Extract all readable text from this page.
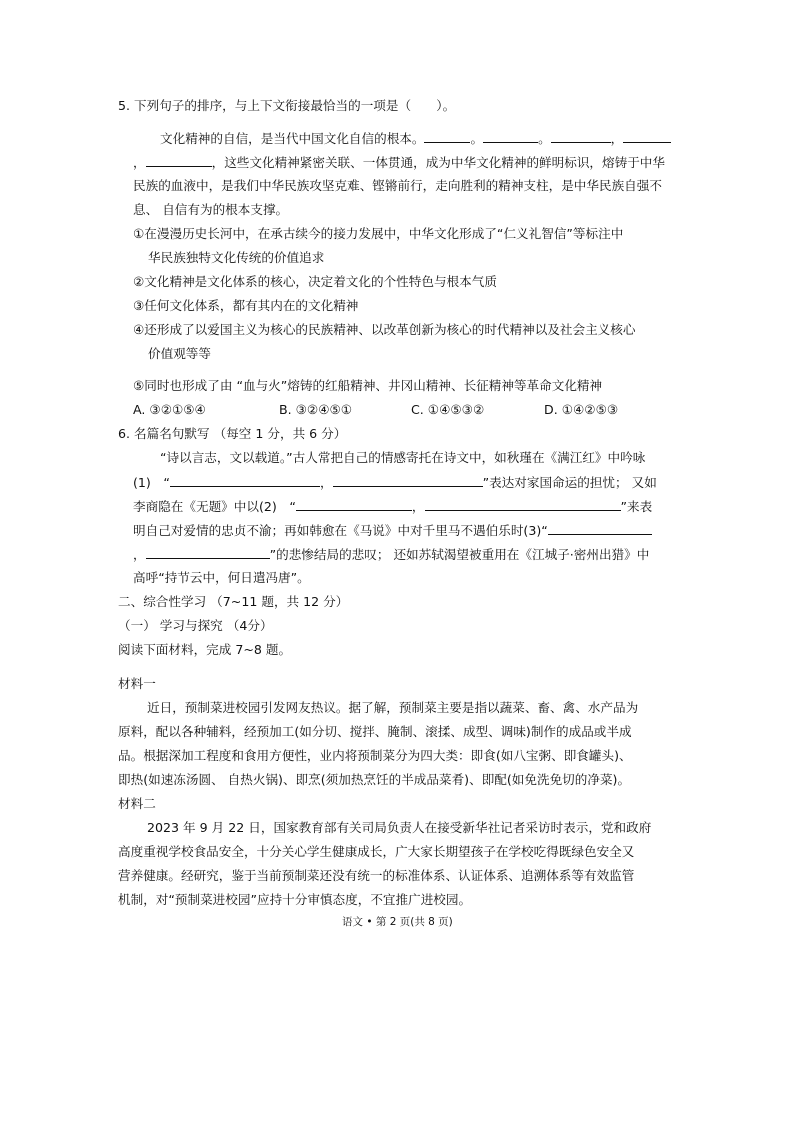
5. 下列句子的排序，与上下文衔接最恰当的一项是（　　）。
文化精神的自信，是当代中国文化自信的根本。	。	。	，
，	，这些文化精神紧密关联、一体贯通，成为中华文化精神的鲜明标识，熔铸于中华
民族的血液中，是我们中华民族攻坚克难、铿锵前行，走向胜利的精神支柱，是中华民族自强不
息、 自信有为的根本支撑。
①在漫漫历史长河中，在承古续今的接力发展中，中华文化形成了“仁义礼智信”等标注中
华民族独特文化传统的价值追求
②文化精神是文化体系的核心，决定着文化的个性特色与根本气质
③任何文化体系，都有其内在的文化精神
④还形成了以爱国主义为核心的民族精神、以改革创新为核心的时代精神以及社会主义核心
价值观等等
⑤同时也形成了由 “血与火”熔铸的红船精神、井冈山精神、长征精神等革命文化精神
A. ③②①⑤④	B. ③②④⑤①	C. ①④⑤③②	D. ①④②⑤③
6. 名篇名句默写 （每空 1 分，共 6 分）
“诗以言志，文以载道。”古人常把自己的情感寄托在诗文中，如秋瑾在《满江红》中吟咏
(1)　“	，	”表达对家国命运的担忧； 又如
李商隐在《无题》中以(2)　“	，	”来表
明自己对爱情的忠贞不渝；再如韩愈在《马说》中对千里马不遇伯乐时(3)“
，	”的悲惨结局的悲叹； 还如苏轼渴望被重用在《江城子·密州出猎》中
高呼“持节云中，何日遣冯唐”。
二、综合性学习 （7~11 题，共 12 分）
（一） 学习与探究 （4分）
阅读下面材料，完成 7~8 题。
材料一
近日，预制菜进校园引发网友热议。据了解，预制菜主要是指以蔬菜、畜、禽、水产品为
原料，配以各种辅料，经预加工(如分切、搅拌、腌制、滚揉、成型、调味)制作的成品或半成
品。根据深加工程度和食用方便性，业内将预制菜分为四大类：即食(如八宝粥、即食罐头)、
即热(如速冻汤圆、 自热火锅)、即烹(须加热烹饪的半成品菜肴)、即配(如免洗免切的净菜)。
材料二
2023 年 9 月 22 日，国家教育部有关司局负责人在接受新华社记者采访时表示，党和政府
高度重视学校食品安全，十分关心学生健康成长，广大家长期望孩子在学校吃得既绿色安全又
营养健康。经研究，鉴于当前预制菜还没有统一的标准体系、认证体系、追溯体系等有效监管
机制，对“预制菜进校园”应持十分审慎态度，不宜推广进校园。
语文 • 第 2 页(共 8 页)
